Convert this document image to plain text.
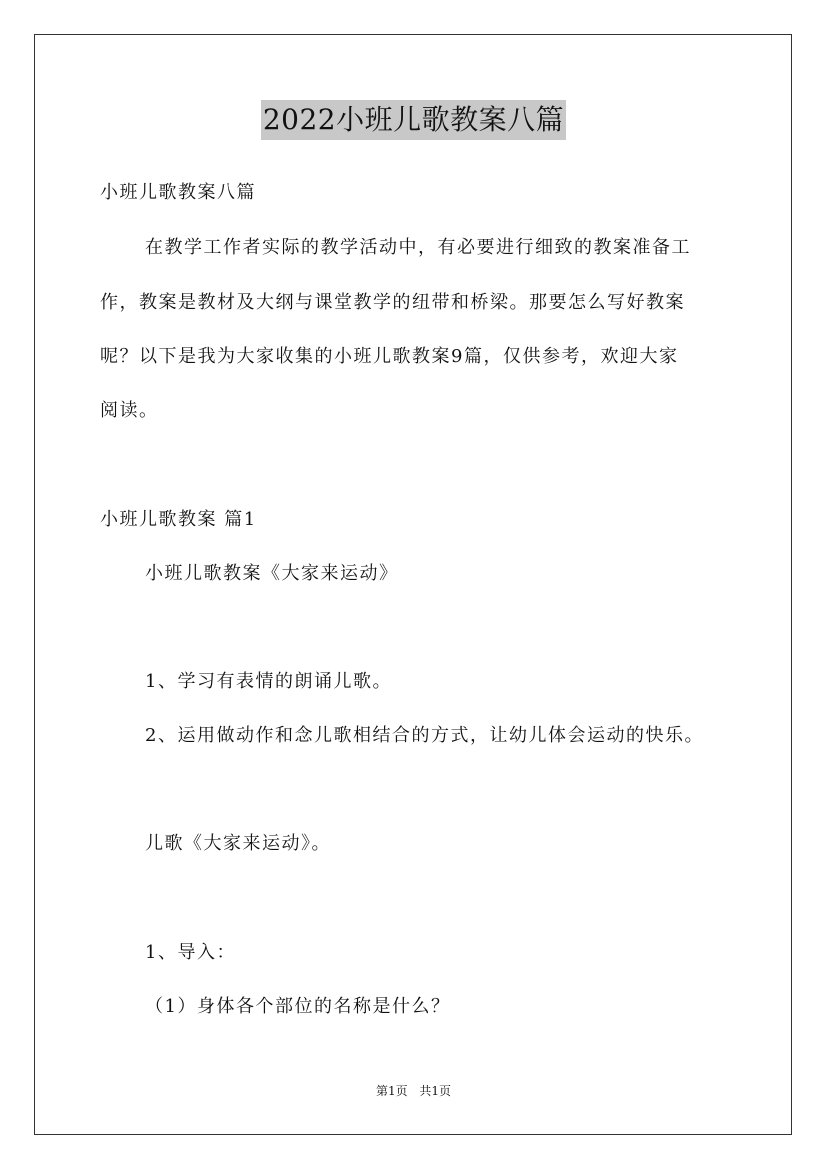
2022小班儿歌教案八篇
小班儿歌教案八篇
在教学工作者实际的教学活动中，有必要进行细致的教案准备工
作，教案是教材及大纲与课堂教学的纽带和桥梁。那要怎么写好教案
呢？以下是我为大家收集的小班儿歌教案9篇，仅供参考，欢迎大家
阅读。
小班儿歌教案 篇1
小班儿歌教案《大家来运动》
1、学习有表情的朗诵儿歌。
2、运用做动作和念儿歌相结合的方式，让幼儿体会运动的快乐。
儿歌《大家来运动》。
1、导入：
（1）身体各个部位的名称是什么？
第1页 共1页
